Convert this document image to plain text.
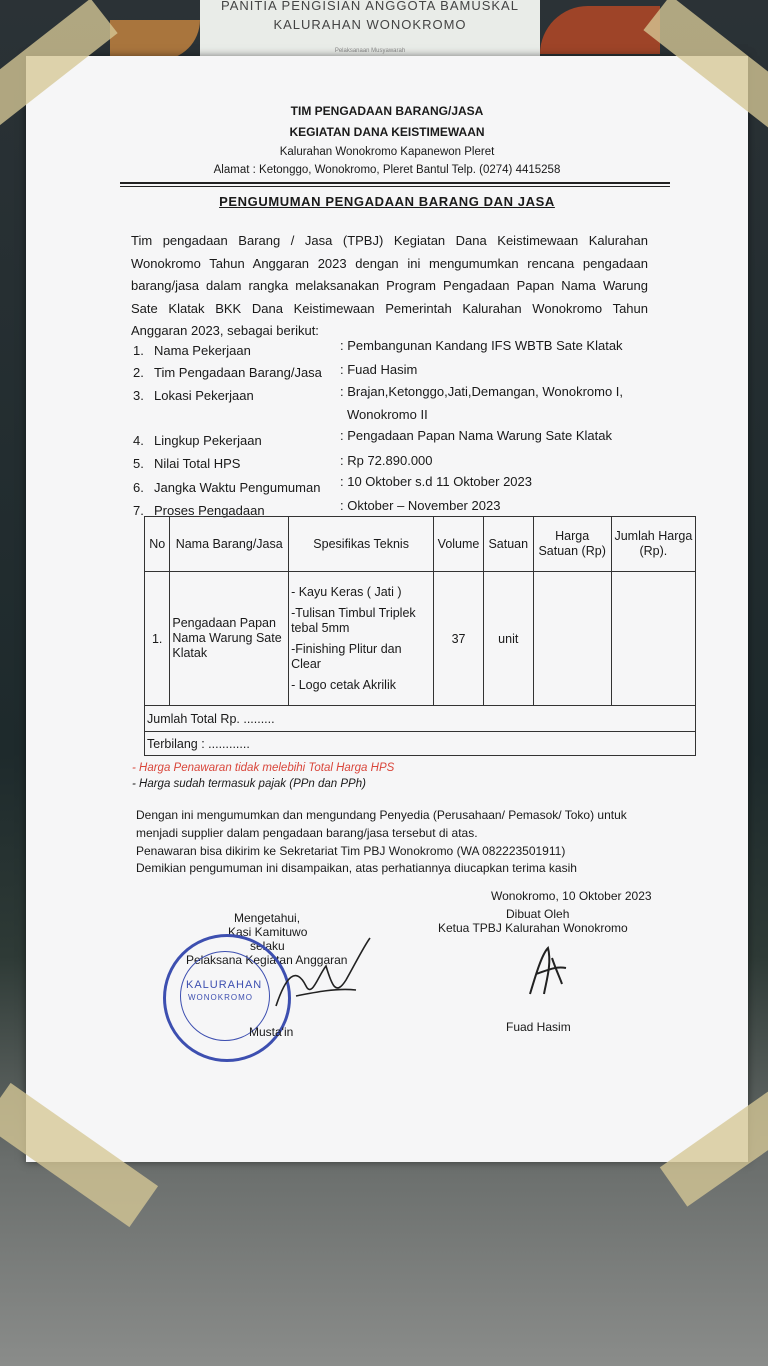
PANITIA PENGISIAN ANGGOTA BAMUSKAL
KALURAHAN WONOKROMO
Pelaksanaan Musyawarah
TIM PENGADAAN BARANG/JASA
KEGIATAN DANA KEISTIMEWAAN
Kalurahan Wonokromo Kapanewon Pleret
Alamat : Ketonggo, Wonokromo, Pleret Bantul Telp. (0274) 4415258
PENGUMUMAN PENGADAAN BARANG DAN JASA
Tim pengadaan Barang / Jasa (TPBJ) Kegiatan Dana Keistimewaan Kalurahan Wonokromo Tahun Anggaran 2023 dengan ini mengumumkan rencana pengadaan barang/jasa dalam rangka melaksanakan Program Pengadaan Papan Nama Warung Sate Klatak BKK Dana Keistimewaan Pemerintah Kalurahan Wonokromo Tahun Anggaran 2023, sebagai berikut:
1. Nama Pekerjaan	: Pembangunan Kandang IFS WBTB Sate Klatak
2. Tim Pengadaan Barang/Jasa : Fuad Hasim
3. Lokasi Pekerjaan	: Brajan,Ketonggo,Jati,Demangan, Wonokromo I,
Wonokromo II
4. Lingkup Pekerjaan	: Pengadaan Papan Nama Warung Sate Klatak
5. Nilai Total HPS	: Rp 72.890.000
6. Jangka Waktu Pengumuman : 10 Oktober s.d 11 Oktober 2023
7. Proses Pengadaan	: Oktober – November 2023
No	Nama Barang/Jasa	Spesifikas Teknis	Volume	Satuan	Harga Satuan (Rp)	Jumlah Harga (Rp).
1.	Pengadaan Papan Nama Warung Sate Klatak	- Kayu Keras ( Jati )
-Tulisan Timbul Triplek tebal 5mm
-Finishing Plitur dan Clear
- Logo cetak Akrilik	37	unit		
Jumlah Total Rp. .........						
Terbilang : ............						
- Harga Penawaran tidak melebihi Total Harga HPS
- Harga sudah termasuk pajak (PPn dan PPh)
Dengan ini mengumumkan dan mengundang Penyedia (Perusahaan/ Pemasok/ Toko) untuk
menjadi supplier dalam pengadaan barang/jasa tersebut di atas.
Penawaran bisa dikirim ke Sekretariat Tim PBJ Wonokromo (WA 082223501911)
Demikian pengumuman ini disampaikan, atas perhatiannya diucapkan terima kasih
Wonokromo, 10 Oktober 2023
Dibuat Oleh
Ketua TPBJ Kalurahan Wonokromo
Fuad Hasim
Mengetahui,
Kasi Kamituwo
selaku
Pelaksana Kegiatan Anggaran
KALURAHAN
WONOKROMO
Musta'in
